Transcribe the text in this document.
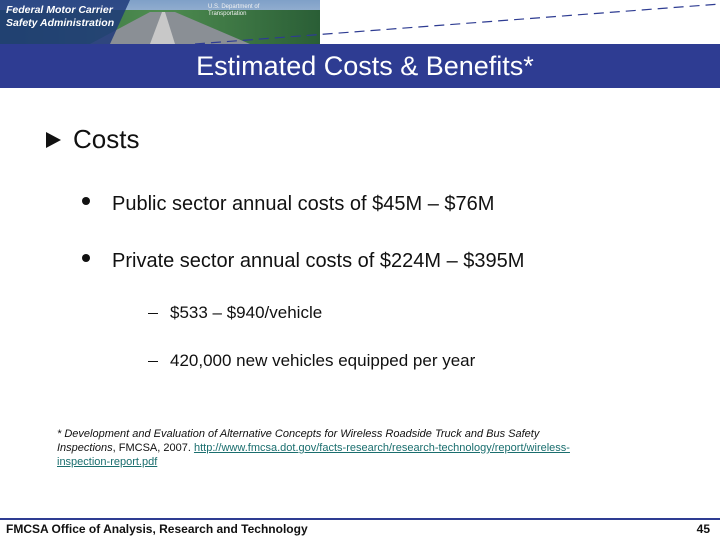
Federal Motor Carrier
Safety Administration
U.S. Department of
Transportation
Estimated Costs & Benefits*
Costs
Public sector annual costs of $45M – $76M
Private sector annual costs of $224M – $395M
$533 – $940/vehicle
420,000 new vehicles equipped per year
* Development and Evaluation of Alternative Concepts for Wireless Roadside Truck and Bus Safety Inspections, FMCSA, 2007. http://www.fmcsa.dot.gov/facts-research/research-technology/report/wireless-inspection-report.pdf
FMCSA Office of Analysis, Research and Technology	45
